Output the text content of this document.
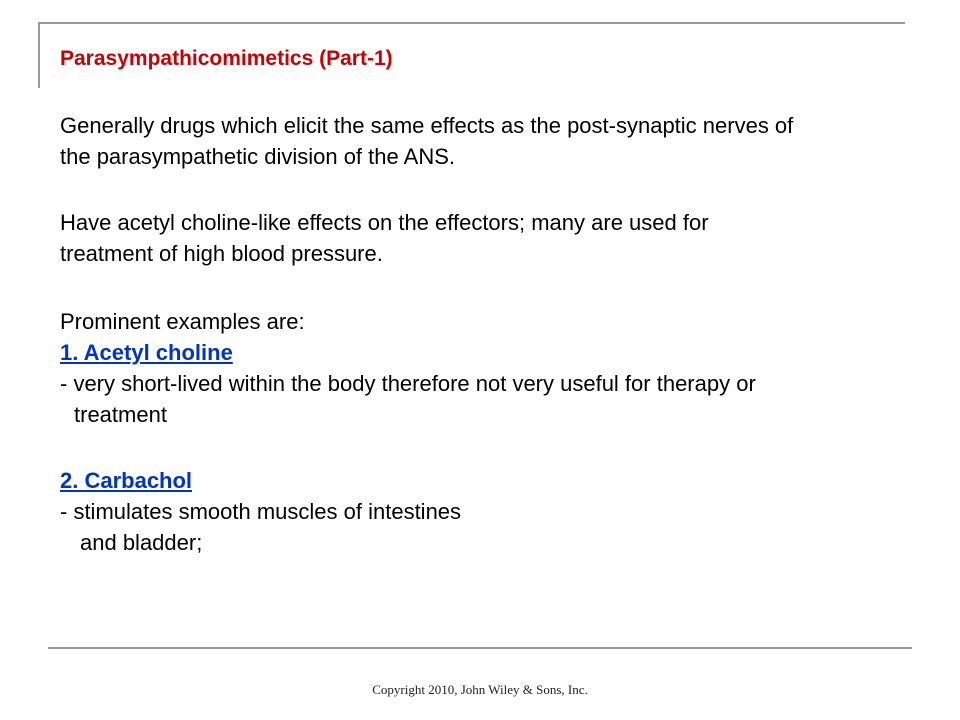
Parasympathicomimetics (Part-1)

Generally drugs which elicit the same effects as the post-synaptic nerves of
the parasympathetic division of the ANS.

Have acetyl choline-like effects on the effectors; many are used for
treatment of high blood pressure.

Prominent examples are:

1. Acetyl choline
- very short-lived within the body therefore not very useful for therapy or
treatment
2. Carbachol
- stimulates smooth muscles of intestines
and bladder;
Copyright 2010, John Wiley & Sons, Inc.
